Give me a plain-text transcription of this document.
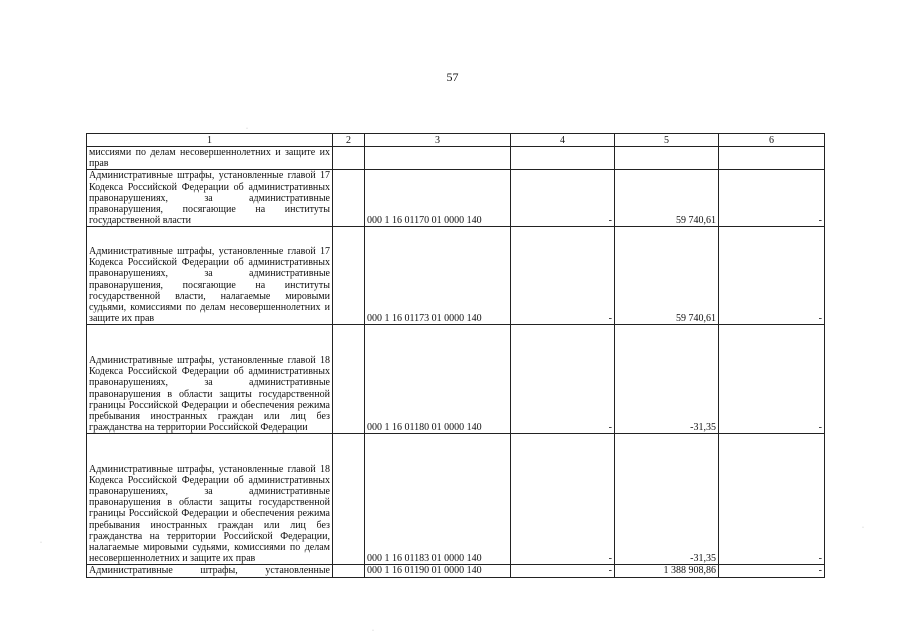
57
1	2	3	4	5	6
миссиями по делам несовершеннолетних и защите их прав					
Административные штрафы, установленные главой 17 Кодекса Российской Федерации об административных правонарушениях, за административные правонарушения, посягающие на институты государственной власти		000 1 16 01170 01 0000 140	-	59 740,61	-
Административные штрафы, установленные главой 17 Кодекса Российской Федерации об административных правонарушениях, за административные правонарушения, посягающие на институты государственной власти, налагаемые мировыми судьями, комиссиями по делам несовершеннолетних и защите их прав		000 1 16 01173 01 0000 140	-	59 740,61	-
Административные штрафы, установленные главой 18 Кодекса Российской Федерации об административных правонарушениях, за административные правонарушения в области защиты государственной границы Российской Федерации и обеспечения режима пребывания иностранных граждан или лиц без гражданства на территории Российской Федерации		000 1 16 01180 01 0000 140	-	-31,35	-
Административные штрафы, установленные главой 18 Кодекса Российской Федерации об административных правонарушениях, за административные правонарушения в области защиты государственной границы Российской Федерации и обеспечения режима пребывания иностранных граждан или лиц без гражданства на территории Российской Федерации, налагаемые мировыми судьями, комиссиями по делам несовершеннолетних и защите их прав		000 1 16 01183 01 0000 140	-	-31,35	-
Административные штрафы, установленные		000 1 16 01190 01 0000 140	-	1 388 908,86	-
·
·
·
·
